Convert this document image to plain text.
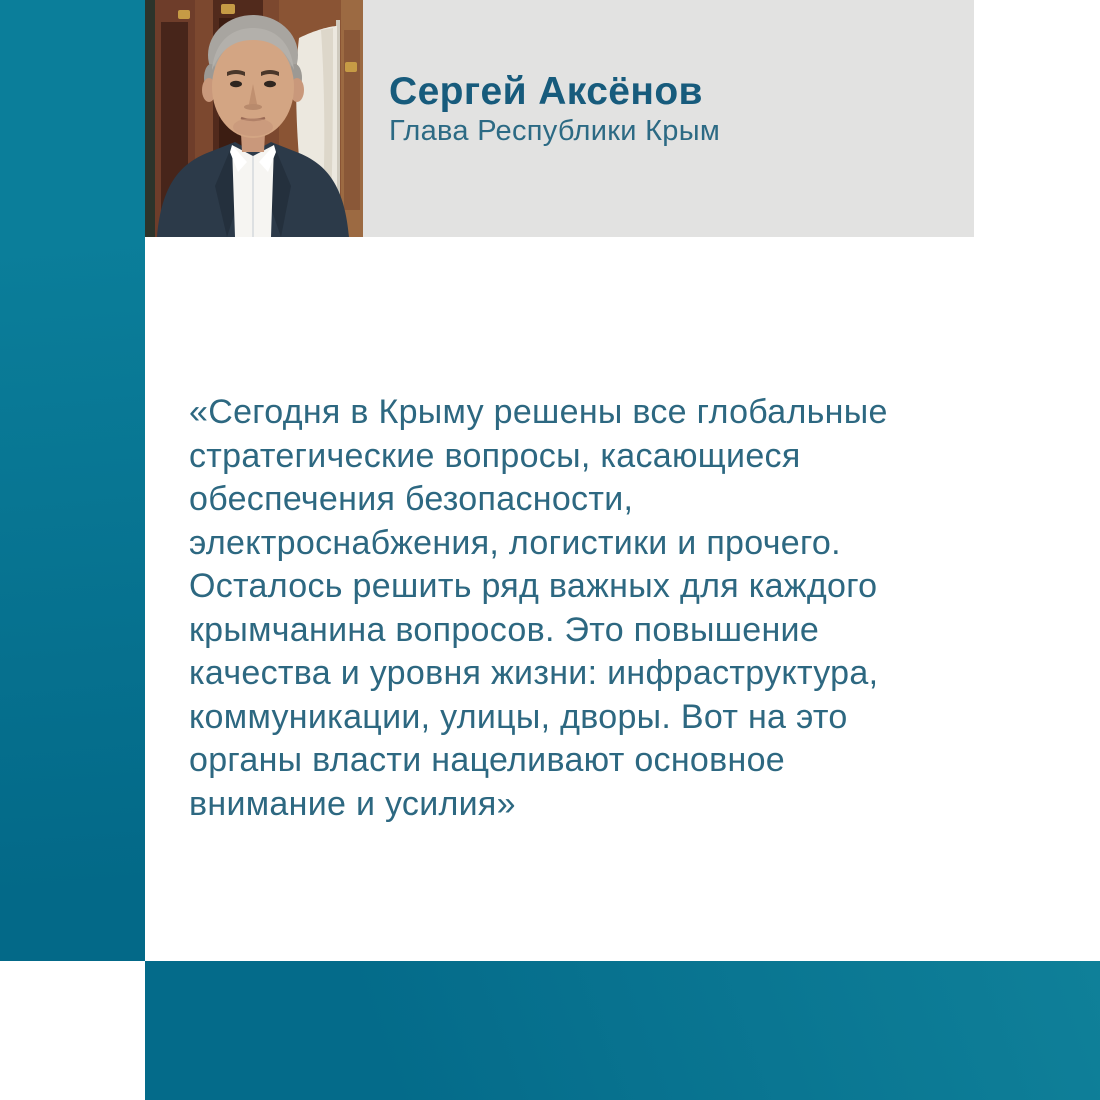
Сергей Аксёнов
Глава Республики Крым
«Сегодня в Крыму решены все глобальные
стратегические вопросы, касающиеся
обеспечения безопасности,
электроснабжения, логистики и прочего.
Осталось решить ряд важных для каждого
крымчанина вопросов. Это повышение
качества и уровня жизни: инфраструктура,
коммуникации, улицы, дворы. Вот на это
органы власти нацеливают основное
внимание и усилия»
